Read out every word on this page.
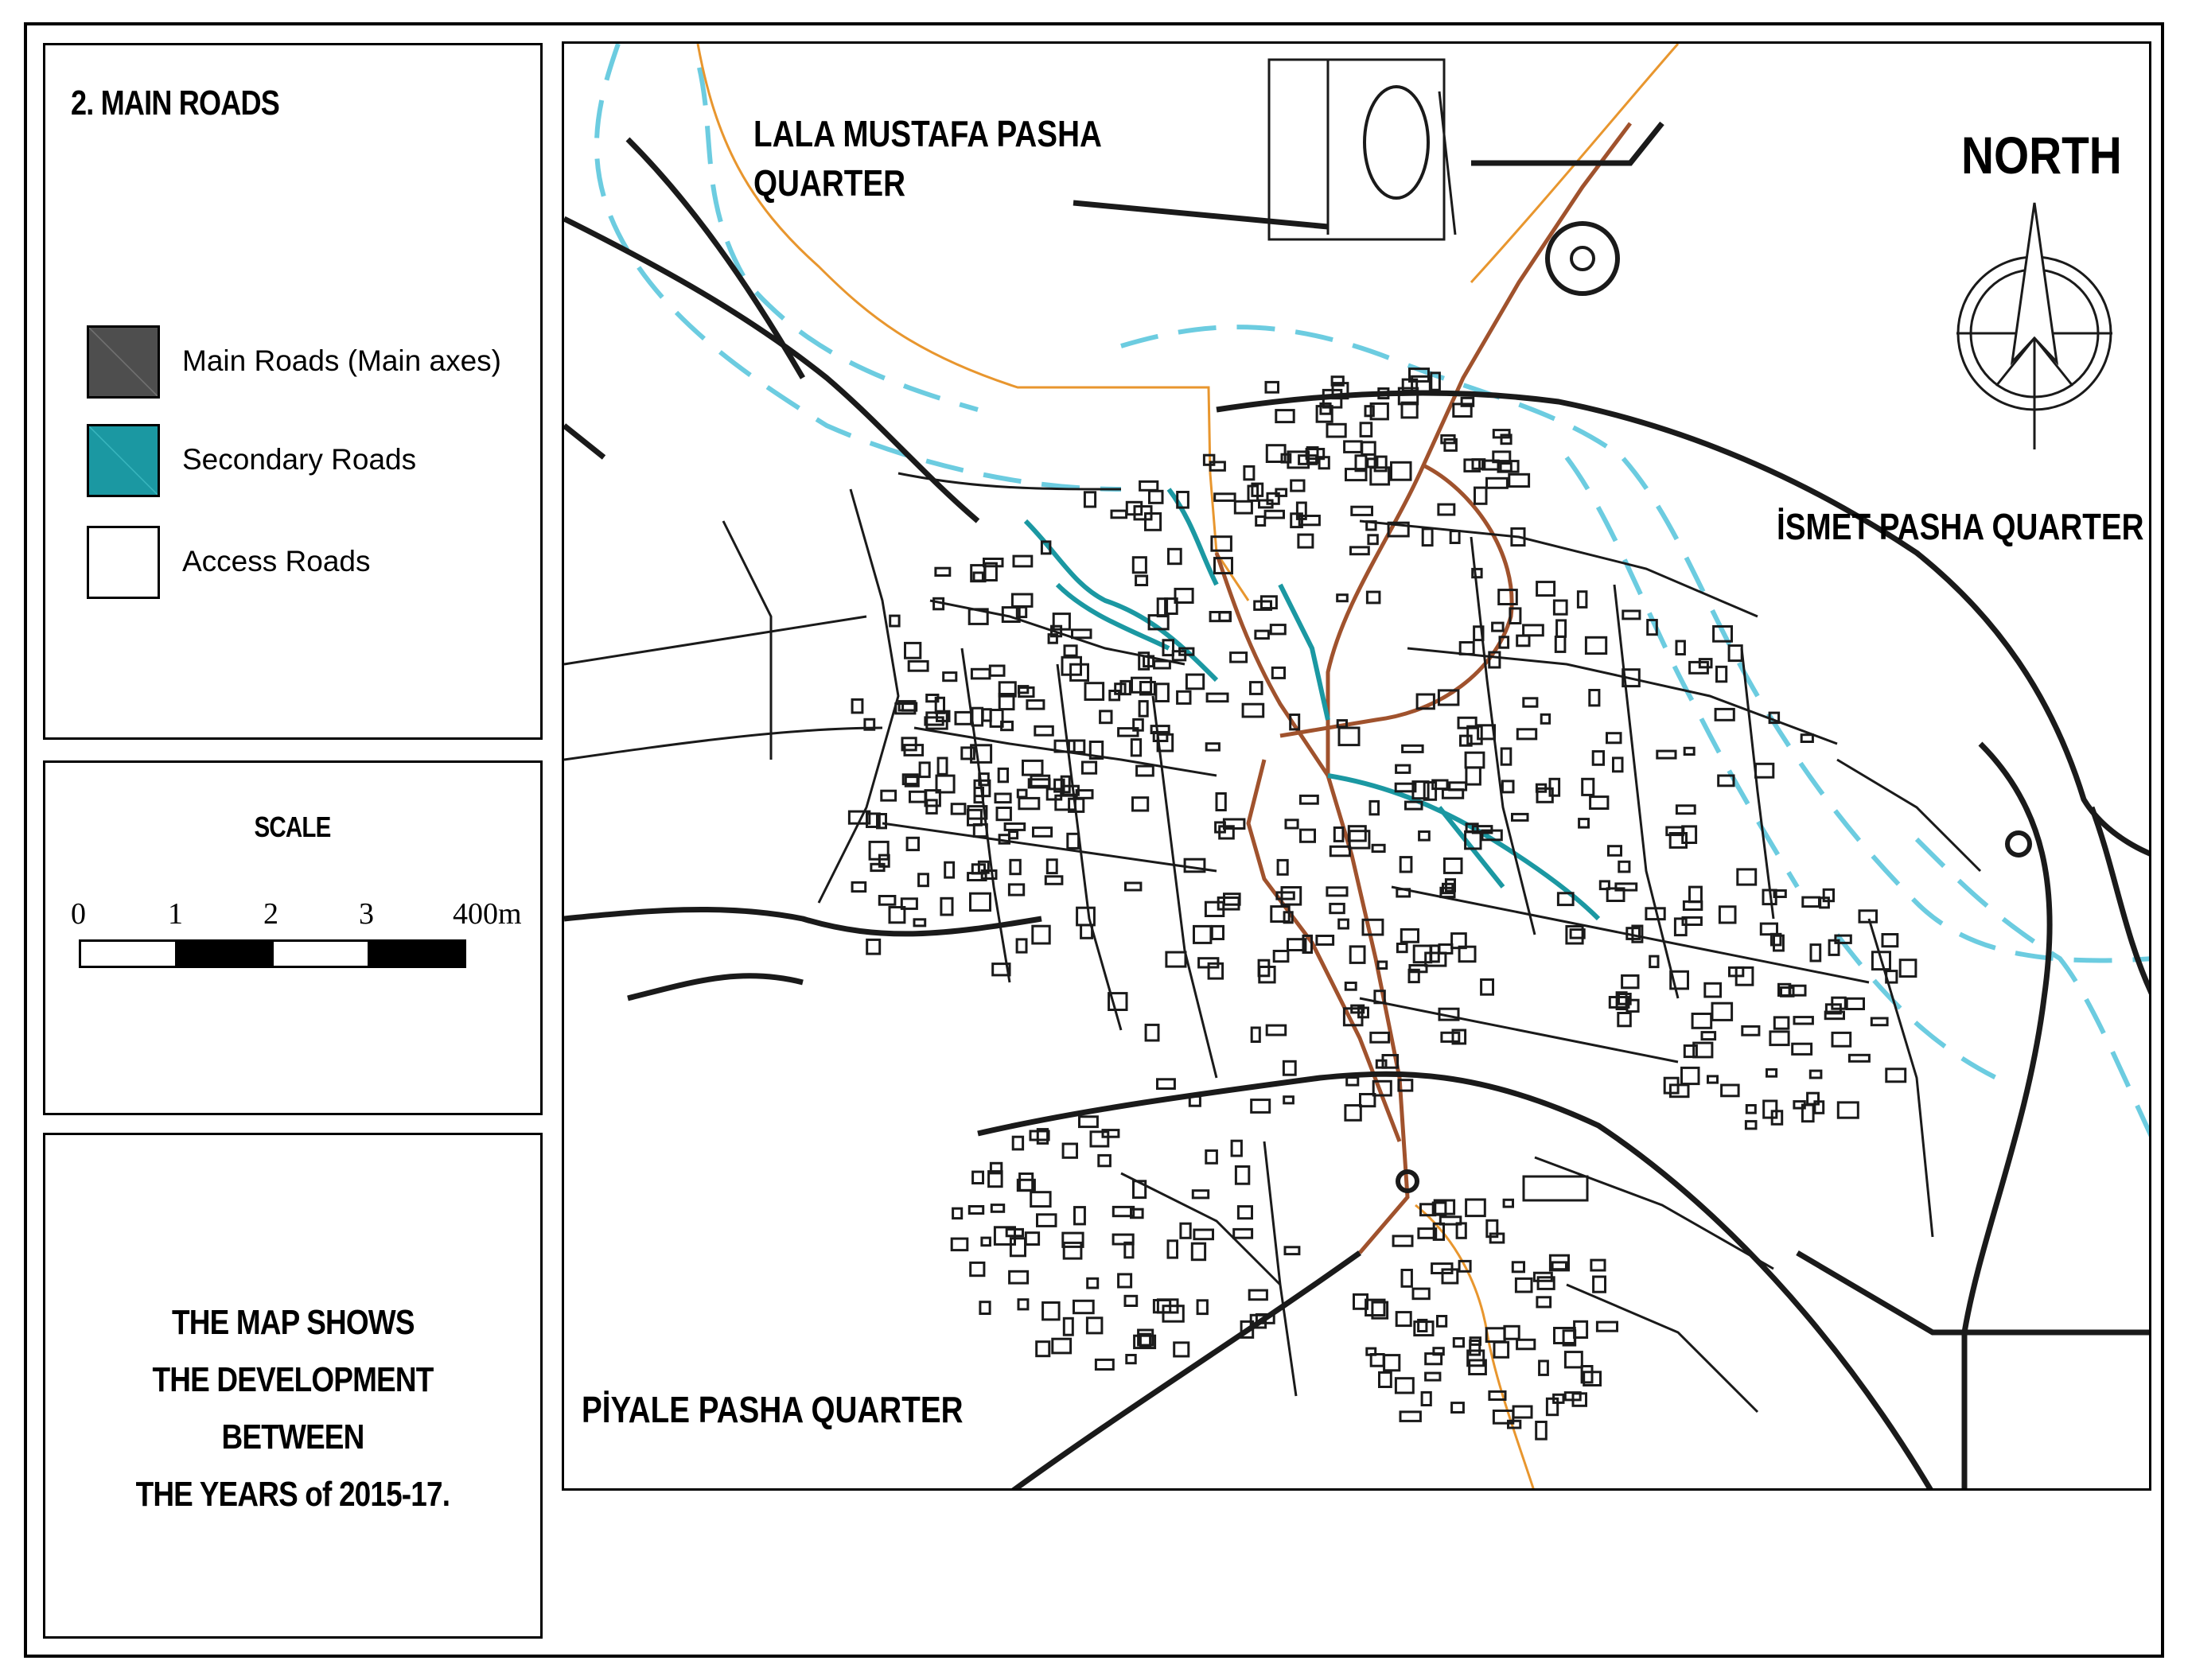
2. MAIN ROADS
Main Roads (Main axes)
Secondary Roads
Access Roads
SCALE
0	1	2	3	400m
THE MAP SHOWS
THE DEVELOPMENT BETWEEN
THE YEARS of 2015-17.
NORTH
LALA MUSTAFA PASHA
QUARTER
İSMET PASHA QUARTER
PİYALE PASHA QUARTER
